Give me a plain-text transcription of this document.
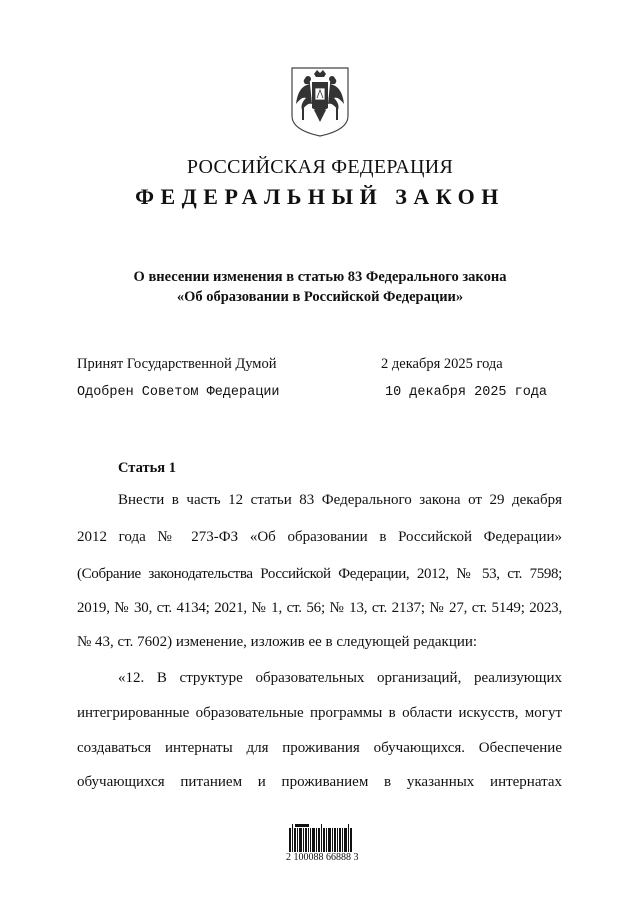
РОССИЙСКАЯ ФЕДЕРАЦИЯ
ФЕДЕРАЛЬНЫЙ ЗАКОН
О внесении изменения в статью 83 Федерального закона
«Об образовании в Российской Федерации»
Принят Государственной Думой	2 декабря 2025 года
Одобрен Советом Федерации	10 декабря 2025 года
Статья 1
Внести в часть 12 статьи 83 Федерального закона от 29 декабря
2012 года № 273-ФЗ «Об образовании в Российской Федерации»
(Собрание законодательства Российской Федерации, 2012, № 53, ст. 7598;
2019, № 30, ст. 4134; 2021, № 1, ст. 56; № 13, ст. 2137; № 27, ст. 5149; 2023,
№ 43, ст. 7602) изменение, изложив ее в следующей редакции:
«12. В структуре образовательных организаций, реализующих
интегрированные образовательные программы в области искусств, могут
создаваться интернаты для проживания обучающихся. Обеспечение
обучающихся питанием и проживанием в указанных интернатах
2 100088 66888 3
